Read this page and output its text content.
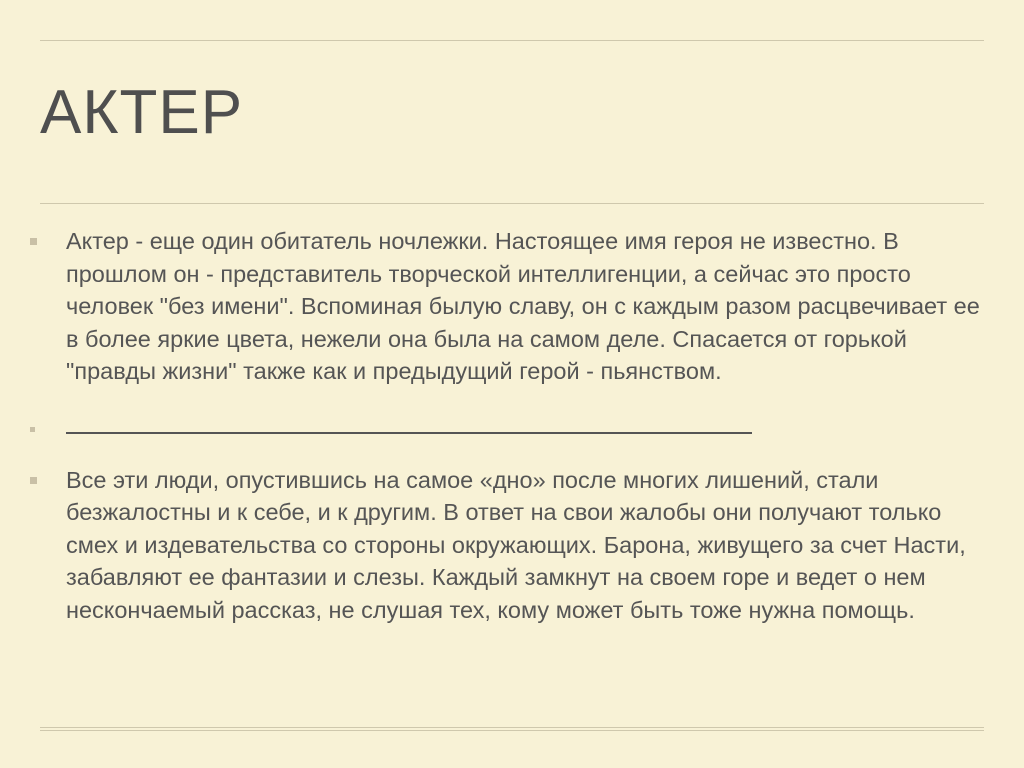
АКТЕР
Актер - еще один обитатель ночлежки. Настоящее имя героя не известно. В прошлом он - представитель творческой интеллигенции, а сейчас это просто человек "без имени". Вспоминая былую славу, он с каждым разом расцвечивает ее в более яркие цвета, нежели она была на самом деле. Спасается от горькой "правды жизни" также как и предыдущий герой - пьянством.
Все эти люди, опустившись на самое «дно» после многих лишений, стали безжалостны и к себе, и к другим. В ответ на свои жалобы они получают только смех и издевательства со стороны окружающих. Барона, живущего за счет Насти, забавляют ее фантазии и слезы. Каждый замкнут на своем горе и ведет о нем нескончаемый рассказ, не слушая тех, кому может быть тоже нужна помощь.
